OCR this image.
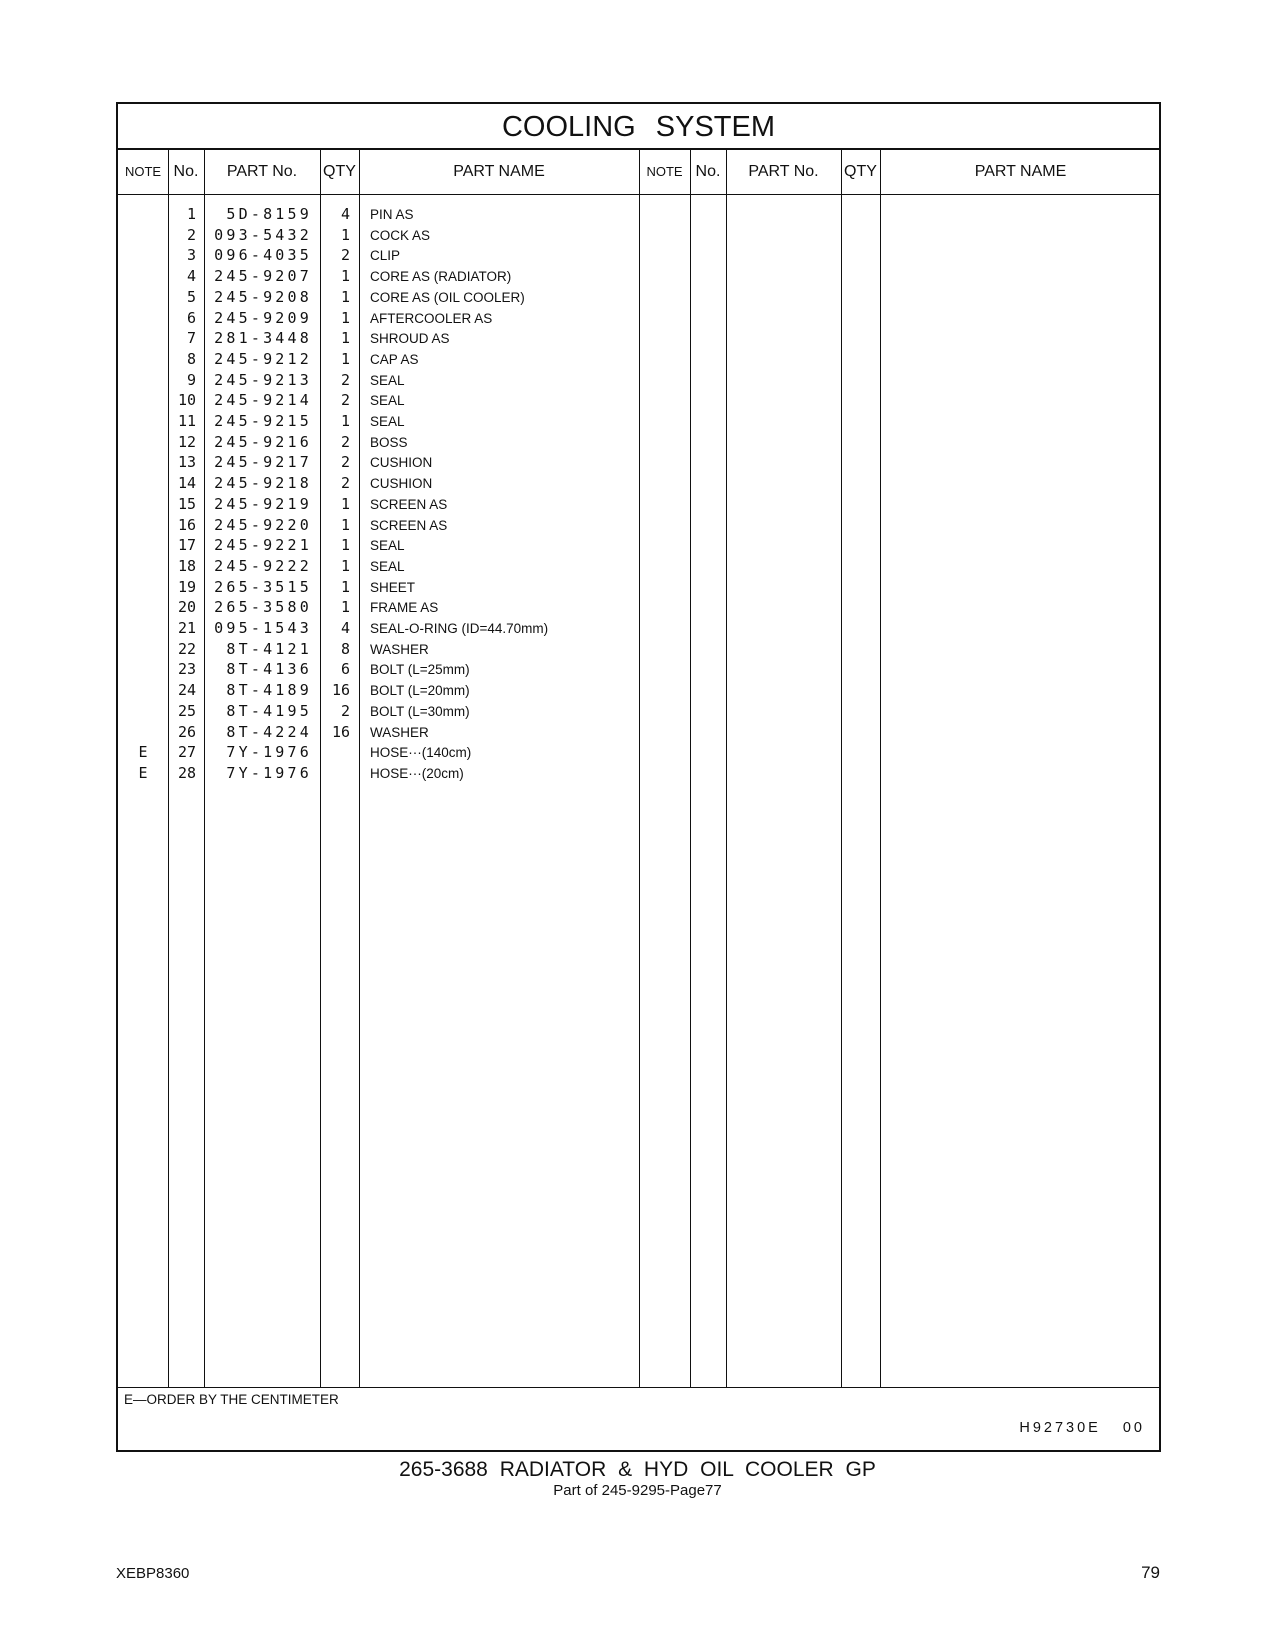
COOLING SYSTEM
NOTE No.	PART No.	QTY	PART NAME	NOTE No.	PART No.	QTY	PART NAME
1	5D-8159	4 PIN AS
2	093-5432	1 COCK AS
3	096-4035	2 CLIP
4	245-9207	1 CORE AS (RADIATOR)
5	245-9208	1 CORE AS (OIL COOLER)
6	245-9209	1 AFTERCOOLER AS
7	281-3448	1 SHROUD AS
8	245-9212	1 CAP AS
9	245-9213	2 SEAL
10	245-9214	2 SEAL
11	245-9215	1 SEAL
12	245-9216	2 BOSS
13	245-9217	2 CUSHION
14	245-9218	2 CUSHION
15	245-9219	1 SCREEN AS
16	245-9220	1 SCREEN AS
17	245-9221	1 SEAL
18	245-9222	1 SEAL
19	265-3515	1 SHEET
20	265-3580	1 FRAME AS
21	095-1543	4 SEAL-O-RING (ID=44.70mm)
22	8T-4121	8 WASHER
23	8T-4136	6 BOLT (L=25mm)
24	8T-4189	16 BOLT (L=20mm)
25	8T-4195	2 BOLT (L=30mm)
26	8T-4224	16 WASHER
E	27	7Y-1976	HOSE···(140cm)
E	28	7Y-1976	HOSE···(20cm)
E—ORDER BY THE CENTIMETER
H92730E 00
265-3688 RADIATOR & HYD OIL COOLER GP
Part of 245-9295-Page77
XEBP8360	79
